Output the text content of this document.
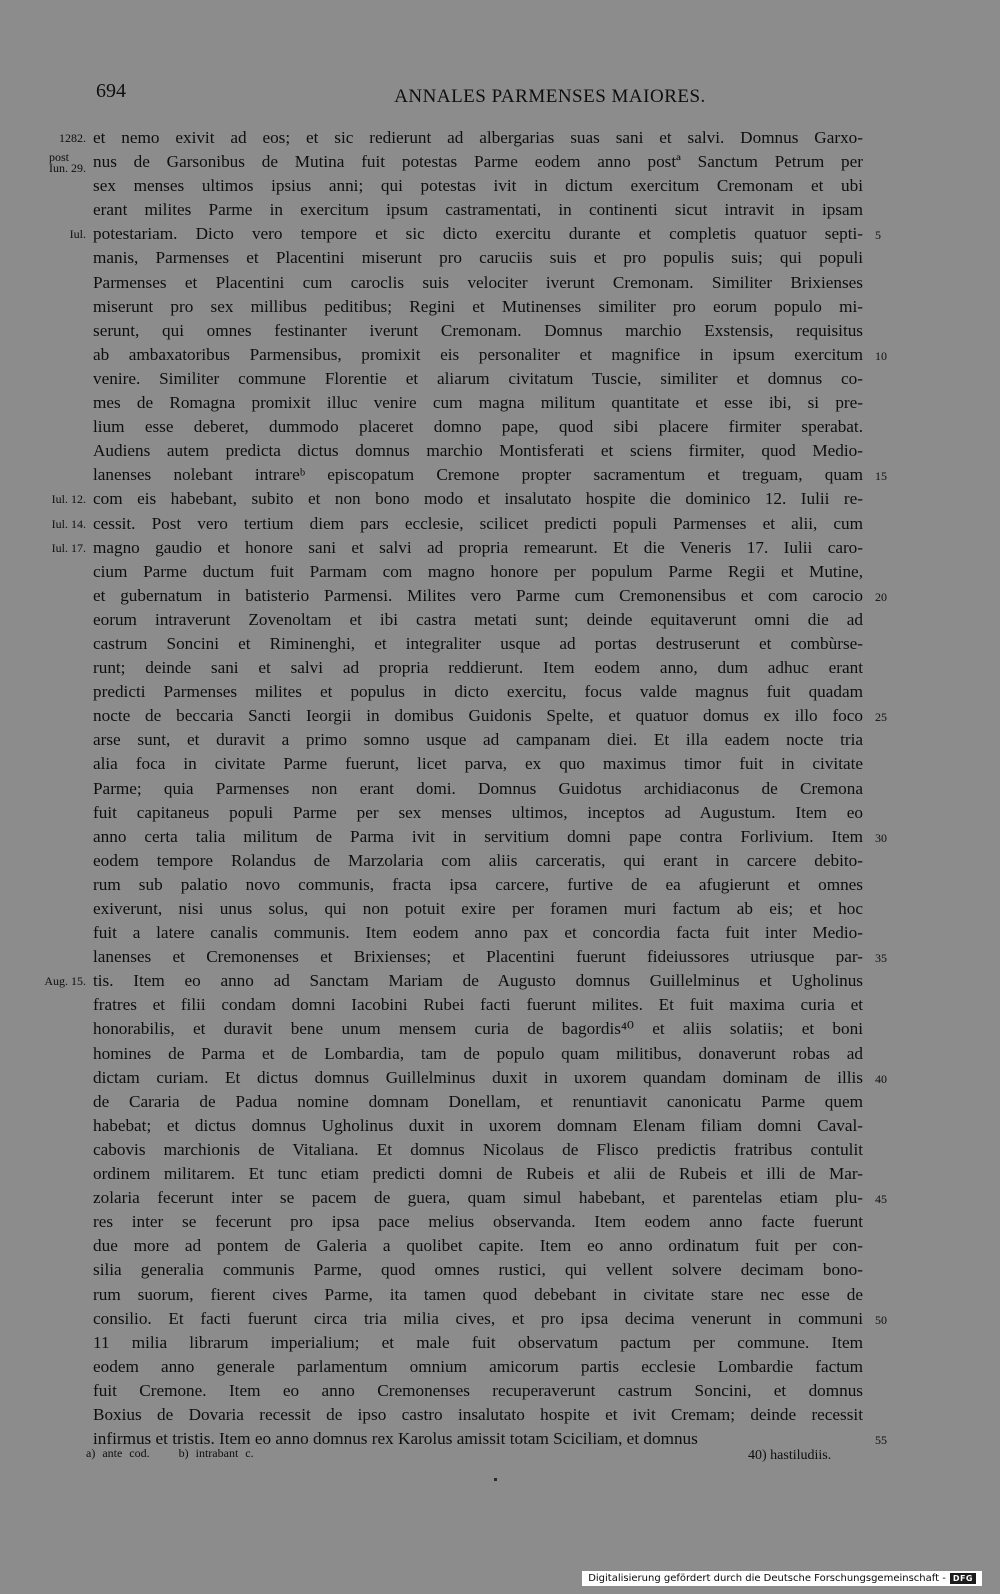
694	ANNALES PARMENSES MAIORES.
et nemo exivit ad eos; et sic redierunt ad albergarias suas sani et salvi. Domnus Garxo-
1282.
nus de Garsonibus de Mutina fuit potestas Parme eodem anno postª Sanctum Petrum per
post
Iun. 29.
sex menses ultimos ipsius anni; qui potestas ivit in dictum exercitum Cremonam et ubi
erant milites Parme in exercitum ipsum castramentati, in continenti sicut intravit in ipsam
potestariam. Dicto vero tempore et sic dicto exercitu durante et completis quatuor septi-
Iul.	5
manis, Parmenses et Placentini miserunt pro caruciis suis et pro populis suis; qui populi
Parmenses et Placentini cum caroclis suis velociter iverunt Cremonam. Similiter Brixienses
miserunt pro sex millibus peditibus; Regini et Mutinenses similiter pro eorum populo mi-
serunt, qui omnes festinanter iverunt Cremonam. Domnus marchio Exstensis, requisitus
ab ambaxatoribus Parmensibus, promixit eis personaliter et magnifice in ipsum exercitum 10
venire. Similiter commune Florentie et aliarum civitatum Tuscie, similiter et domnus co-
mes de Romagna promixit illuc venire cum magna militum quantitate et esse ibi, si pre-
lium esse deberet, dummodo placeret domno pape, quod sibi placere firmiter sperabat.
Audiens autem predicta dictus domnus marchio Montisferati et sciens firmiter, quod Medio-
lanenses nolebant intrareᵇ episcopatum Cremone propter sacramentum et treguam, quam 15
com eis habebant, subito et non bono modo et insalutato hospite die dominico 12. Iulii re-
Iul. 12.
cessit. Post vero tertium diem pars ecclesie, scilicet predicti populi Parmenses et alii, cum
Iul. 14.
magno gaudio et honore sani et salvi ad propria remearunt. Et die Veneris 17. Iulii caro-
Iul. 17.
cium Parme ductum fuit Parmam com magno honore per populum Parme Regii et Mutine,
et gubernatum in batisterio Parmensi. Milites vero Parme cum Cremonensibus et com carocio 20
eorum intraverunt Zovenoltam et ibi castra metati sunt; deinde equitaverunt omni die ad
castrum Soncini et Riminenghi, et integraliter usque ad portas destruserunt et combùrse-
runt; deinde sani et salvi ad propria reddierunt. Item eodem anno, dum adhuc erant
predicti Parmenses milites et populus in dicto exercitu, focus valde magnus fuit quadam
nocte de beccaria Sancti Ieorgii in domibus Guidonis Spelte, et quatuor domus ex illo foco 25
arse sunt, et duravit a primo somno usque ad campanam diei. Et illa eadem nocte tria
alia foca in civitate Parme fuerunt, licet parva, ex quo maximus timor fuit in civitate
Parme; quia Parmenses non erant domi. Domnus Guidotus archidiaconus de Cremona
fuit capitaneus populi Parme per sex menses ultimos, inceptos ad Augustum. Item eo
anno certa talia militum de Parma ivit in servitium domni pape contra Forlivium. Item 30
eodem tempore Rolandus de Marzolaria com aliis carceratis, qui erant in carcere debito-
rum sub palatio novo communis, fracta ipsa carcere, furtive de ea afugierunt et omnes
exiverunt, nisi unus solus, qui non potuit exire per foramen muri factum ab eis; et hoc
fuit a latere canalis communis. Item eodem anno pax et concordia facta fuit inter Medio-
lanenses et Cremonenses et Brixienses; et Placentini fuerunt fideiussores utriusque par- 35
tis. Item eo anno ad Sanctam Mariam de Augusto domnus Guillelminus et Ugholinus
Aug. 15.
fratres et filii condam domni Iacobini Rubei facti fuerunt milites. Et fuit maxima curia et
honorabilis, et duravit bene unum mensem curia de bagordis⁴⁰ et aliis solatiis; et boni
homines de Parma et de Lombardia, tam de populo quam militibus, donaverunt robas ad
dictam curiam. Et dictus domnus Guillelminus duxit in uxorem quandam dominam de illis 40
de Cararia de Padua nomine domnam Donellam, et renuntiavit canonicatu Parme quem
habebat; et dictus domnus Ugholinus duxit in uxorem domnam Elenam filiam domni Caval-
cabovis marchionis de Vitaliana. Et domnus Nicolaus de Flisco predictis fratribus contulit
ordinem militarem. Et tunc etiam predicti domni de Rubeis et alii de Rubeis et illi de Mar-
zolaria fecerunt inter se pacem de guera, quam simul habebant, et parentelas etiam plu- 45
res inter se fecerunt pro ipsa pace melius observanda. Item eodem anno facte fuerunt
due more ad pontem de Galeria a quolibet capite. Item eo anno ordinatum fuit per con-
silia generalia communis Parme, quod omnes rustici, qui vellent solvere decimam bono-
rum suorum, fierent cives Parme, ita tamen quod debebant in civitate stare nec esse de
consilio. Et facti fuerunt circa tria milia cives, et pro ipsa decima venerunt in communi 50
11 milia librarum imperialium; et male fuit observatum pactum per commune. Item
eodem anno generale parlamentum omnium amicorum partis ecclesie Lombardie factum
fuit Cremone. Item eo anno Cremonenses recuperaverunt castrum Soncini, et domnus
Boxius de Dovaria recessit de ipso castro insalutato hospite et ivit Cremam; deinde recessit
infirmus et tristis. Item eo anno domnus rex Karolus amissit totam Sciciliam, et domnus	55
a) ante cod. b) intrabant c.	40) hastiludiis.
Digitalisierung gefördert durch die Deutsche Forschungsgemeinschaft - DFG
